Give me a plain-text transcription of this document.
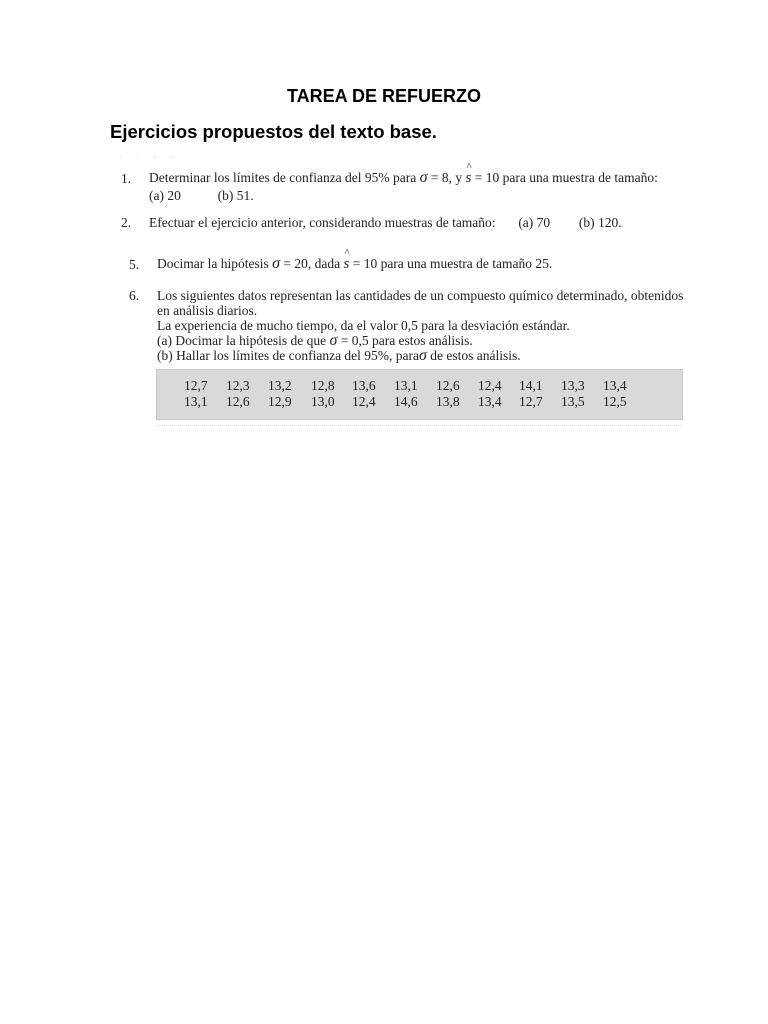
TAREA DE REFUERZO
Ejercicios propuestos del texto base.
· · · ·
1. Determinar los límites de confianza del 95% para σ = 8, y ^ s = 10 para una muestra de tamaño:
(a) 20	(b) 51.
2. Efectuar el ejercicio anterior, considerando muestras de tamaño: (a) 70 (b) 120.
5. Docimar la hipótesis σ = 20, dada ^ s = 10 para una muestra de tamaño 25.
6. Los siguientes datos representan las cantidades de un compuesto químico determinado, obtenidos
en análisis diarios.
La experiencia de mucho tiempo, da el valor 0,5 para la desviación estándar.
(a) Docimar la hipótesis de que σ = 0,5 para estos análisis.
(b) Hallar los límites de confianza del 95%, paraσ de estos análisis.
12,7 12,3 13,2 12,8 13,6 13,1 12,6 12,4 14,1 13,3 13,4
13,1 12,6 12,9 13,0 12,4 14,6 13,8 13,4 12,7 13,5 12,5
